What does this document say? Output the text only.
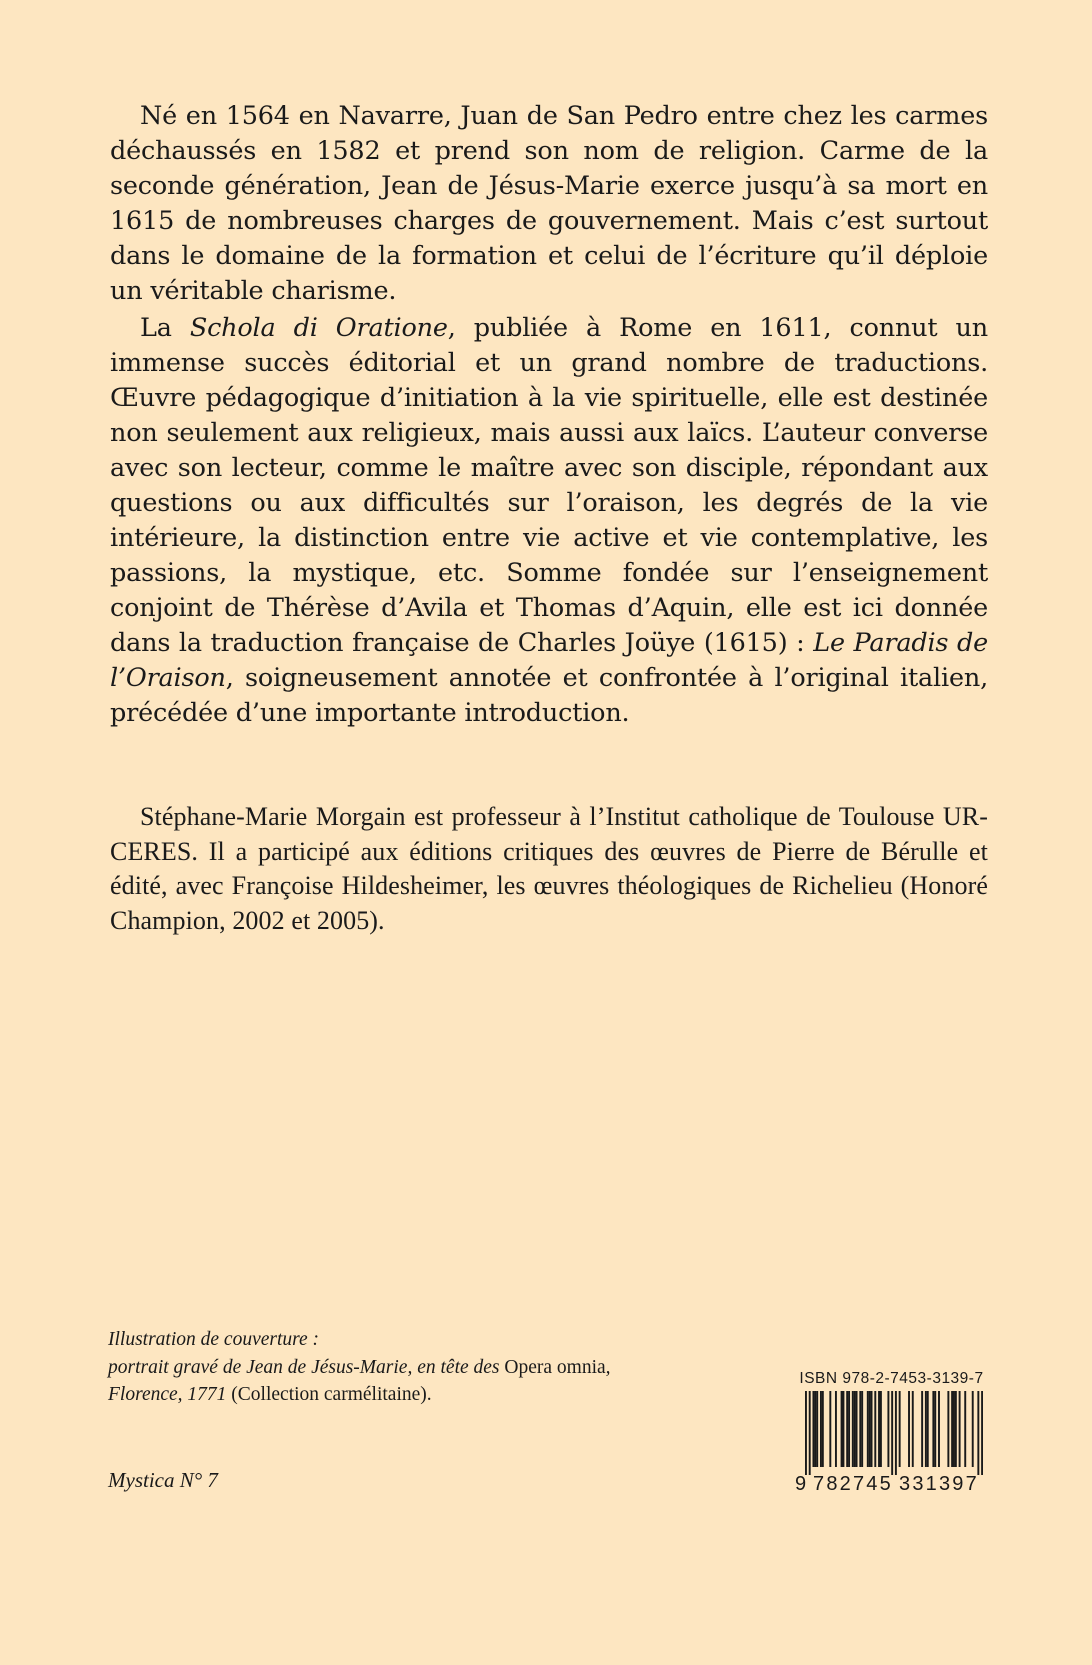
Né en 1564 en Navarre, Juan de San Pedro entre chez les carmes déchaussés en 1582 et prend son nom de religion. Carme de la seconde génération, Jean de Jésus-Marie exerce jusqu’à sa mort en 1615 de nombreuses charges de gouvernement. Mais c’est surtout dans le domaine de la formation et celui de l’écriture qu’il déploie un véritable charisme.

La Schola di Oratione, publiée à Rome en 1611, connut un immense succès éditorial et un grand nombre de traductions. Œuvre pédagogique d’initiation à la vie spirituelle, elle est destinée non seulement aux religieux, mais aussi aux laïcs. L’auteur converse avec son lecteur, comme le maître avec son disciple, répondant aux questions ou aux difficultés sur l’oraison, les degrés de la vie intérieure, la distinction entre vie active et vie contemplative, les passions, la mystique, etc. Somme fondée sur l’enseignement conjoint de Thérèse d’Avila et Thomas d’Aquin, elle est ici donnée dans la traduction française de Charles Joüye (1615) : Le Paradis de l’Oraison, soigneusement annotée et confrontée à l’original italien, précédée d’une importante introduction.

Stéphane-Marie Morgain est professeur à l’Institut catholique de Toulouse UR-CERES. Il a participé aux éditions critiques des œuvres de Pierre de Bérulle et édité, avec Françoise Hildesheimer, les œuvres théologiques de Richelieu (Honoré Champion, 2002 et 2005).

Illustration de couverture :
portrait gravé de Jean de Jésus-Marie, en tête des Opera omnia,
Florence, 1771 (Collection carmélitaine).
Mystica N° 7
ISBN 978-2-7453-3139-7
9 782745 331397
